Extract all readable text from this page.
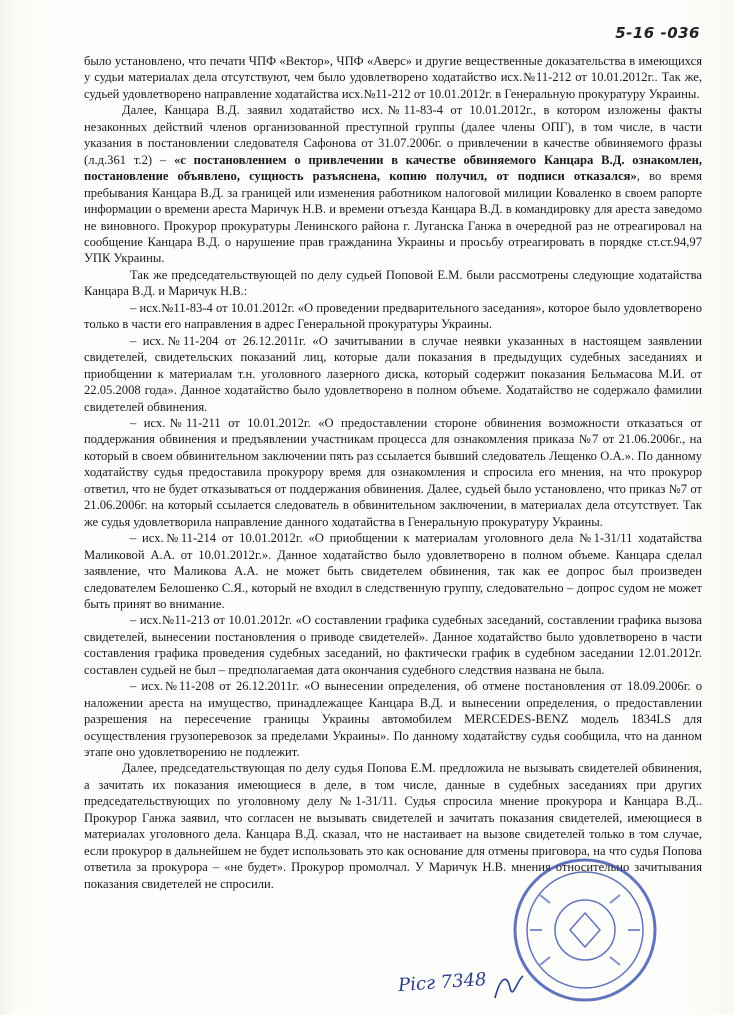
5-16 -036

было установлено, что печати ЧПФ «Вектор», ЧПФ «Аверс» и другие вещественные доказательства в имеющихся у судьи материалах дела отсутствуют, чем было удовлетворено ходатайство исх.№11-212 от 10.01.2012г.. Так же, судьей удовлетворено направление ходатайства исх.№11-212 от 10.01.2012г. в Генеральную прокуратуру Украины.

Далее, Канцара В.Д. заявил ходатайство исх.№11-83-4 от 10.01.2012г., в котором изложены факты незаконных действий членов организованной преступной группы (далее члены ОПГ), в том числе, в части указания в постановлении следователя Сафонова от 31.07.2006г. о привлечении в качестве обвиняемого фразы (л.д.361 т.2) – «с постановлением о привлечении в качестве обвиняемого Канцара В.Д. ознакомлен, постановление объявлено, сущность разъяснена, копию получил, от подписи отказался», во время пребывания Канцара В.Д. за границей или изменения работником налоговой милиции Коваленко в своем рапорте информации о времени ареста Маричук Н.В. и времени отъезда Канцара В.Д. в командировку для ареста заведомо не виновного. Прокурор прокуратуры Ленинского района г. Луганска Ганжа в очередной раз не отреагировал на сообщение Канцара В.Д. о нарушение прав гражданина Украины и просьбу отреагировать в порядке ст.ст.94,97 УПК Украины.

Так же председательствующей по делу судьей Поповой Е.М. были рассмотрены следующие ходатайства Канцара В.Д. и Маричук Н.В.:

– исх.№11-83-4 от 10.01.2012г. «О проведении предварительного заседания», которое было удовлетворено только в части его направления в адрес Генеральной прокуратуры Украины.

– исх.№11-204 от 26.12.2011г. «О зачитывании в случае неявки указанных в настоящем заявлении свидетелей, свидетельских показаний лиц, которые дали показания в предыдущих судебных заседаниях и приобщении к материалам т.н. уголовного лазерного диска, который содержит показания Бельмасова М.И. от 22.05.2008 года». Данное ходатайство было удовлетворено в полном объеме. Ходатайство не содержало фамилии свидетелей обвинения.

– исх.№11-211 от 10.01.2012г. «О предоставлении стороне обвинения возможности отказаться от поддержания обвинения и предъявлении участникам процесса для ознакомления приказа №7 от 21.06.2006г., на который в своем обвинительном заключении пять раз ссылается бывший следователь Лещенко О.А.». По данному ходатайству судья предоставила прокурору время для ознакомления и спросила его мнения, на что прокурор ответил, что не будет отказываться от поддержания обвинения. Далее, судьей было установлено, что приказ №7 от 21.06.2006г. на который ссылается следователь в обвинительном заключении, в материалах дела отсутствует. Так же судья удовлетворила направление данного ходатайства в Генеральную прокуратуру Украины.

– исх.№11-214 от 10.01.2012г. «О приобщении к материалам уголовного дела №1-31/11 ходатайства Маликовой А.А. от 10.01.2012г.». Данное ходатайство было удовлетворено в полном объеме. Канцара сделал заявление, что Маликова А.А. не может быть свидетелем обвинения, так как ее допрос был произведен следователем Белошенко С.Я., который не входил в следственную группу, следовательно – допрос судом не может быть принят во внимание.

– исх.№11-213 от 10.01.2012г. «О составлении графика судебных заседаний, составлении графика вызова свидетелей, вынесении постановления о приводе свидетелей». Данное ходатайство было удовлетворено в части составления графика проведения судебных заседаний, но фактически график в судебном заседании 12.01.2012г. составлен судьей не был – предполагаемая дата окончания судебного следствия названа не была.

– исх.№11-208 от 26.12.2011г. «О вынесении определения, об отмене постановления от 18.09.2006г. о наложении ареста на имущество, принадлежащее Канцара В.Д. и вынесении определения, о предоставлении разрешения на пересечение границы Украины автомобилем MERCEDES-BENZ модель 1834LS для осуществления грузоперевозок за пределами Украины». По данному ходатайству судья сообщила, что на данном этапе оно удовлетворению не подлежит.

Далее, председательствующая по делу судья Попова Е.М. предложила не вызывать свидетелей обвинения, а зачитать их показания имеющиеся в деле, в том числе, данные в судебных заседаниях при других председательствующих по уголовному делу №1-31/11. Судья спросила мнение прокурора и Канцара В.Д.. Прокурор Ганжа заявил, что согласен не вызывать свидетелей и зачитать показания свидетелей, имеющиеся в материалах уголовного дела. Канцара В.Д. сказал, что не настаивает на вызове свидетелей только в том случае, если прокурор в дальнейшем не будет использовать это как основание для отмены приговора, на что судья Попова ответила за прокурора – «не будет». Прокурор промолчал. У Маричук Н.В. мнения относительно зачитывания показания свидетелей не спросили.

Рісг 7348
